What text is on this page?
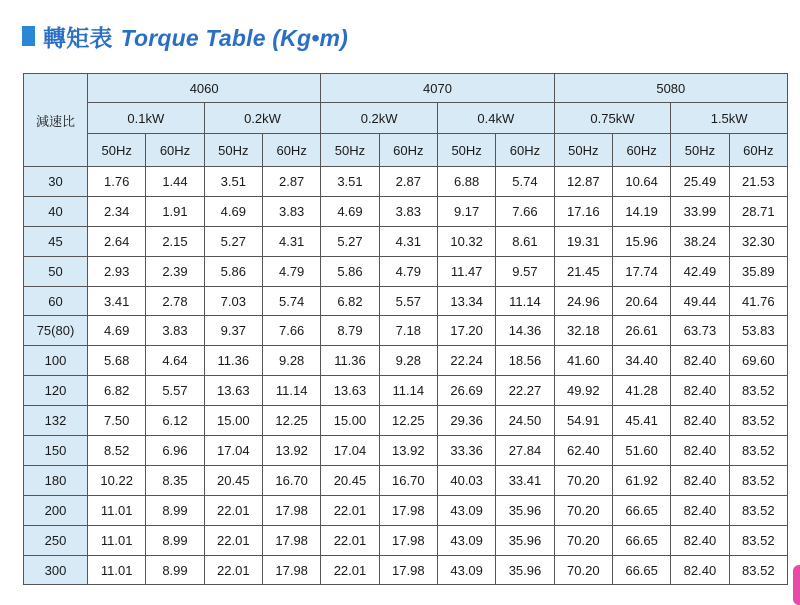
轉矩表 Torque Table (Kg•m)
減速比	4060				4070				5080			
	0.1kW		0.2kW		0.2kW		0.4kW		0.75kW		1.5kW	
	50Hz	60Hz	50Hz	60Hz	50Hz	60Hz	50Hz	60Hz	50Hz	60Hz	50Hz	60Hz
30	1.76	1.44	3.51	2.87	3.51	2.87	6.88	5.74	12.87	10.64	25.49	21.53
40	2.34	1.91	4.69	3.83	4.69	3.83	9.17	7.66	17.16	14.19	33.99	28.71
45	2.64	2.15	5.27	4.31	5.27	4.31	10.32	8.61	19.31	15.96	38.24	32.30
50	2.93	2.39	5.86	4.79	5.86	4.79	11.47	9.57	21.45	17.74	42.49	35.89
60	3.41	2.78	7.03	5.74	6.82	5.57	13.34	11.14	24.96	20.64	49.44	41.76
75(80)	4.69	3.83	9.37	7.66	8.79	7.18	17.20	14.36	32.18	26.61	63.73	53.83
100	5.68	4.64	11.36	9.28	11.36	9.28	22.24	18.56	41.60	34.40	82.40	69.60
120	6.82	5.57	13.63	11.14	13.63	11.14	26.69	22.27	49.92	41.28	82.40	83.52
132	7.50	6.12	15.00	12.25	15.00	12.25	29.36	24.50	54.91	45.41	82.40	83.52
150	8.52	6.96	17.04	13.92	17.04	13.92	33.36	27.84	62.40	51.60	82.40	83.52
180	10.22	8.35	20.45	16.70	20.45	16.70	40.03	33.41	70.20	61.92	82.40	83.52
200	11.01	8.99	22.01	17.98	22.01	17.98	43.09	35.96	70.20	66.65	82.40	83.52
250	11.01	8.99	22.01	17.98	22.01	17.98	43.09	35.96	70.20	66.65	82.40	83.52
300	11.01	8.99	22.01	17.98	22.01	17.98	43.09	35.96	70.20	66.65	82.40	83.52
